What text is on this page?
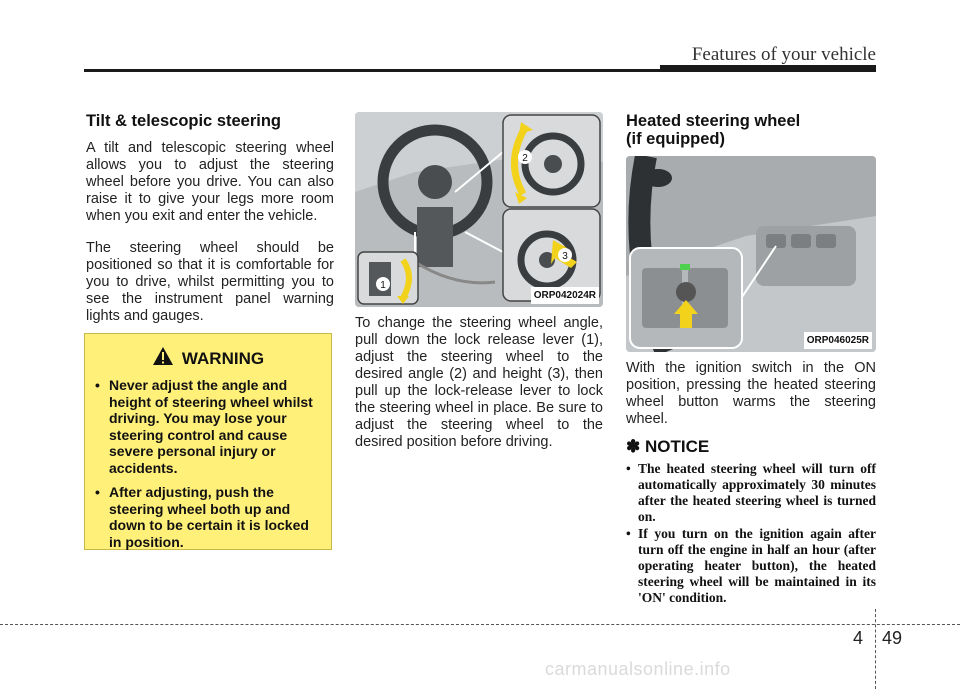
Features of your vehicle
Tilt & telescopic steering

A tilt and telescopic steering wheel allows you to adjust the steering wheel before you drive. You can also raise it to give your legs more room when you exit and enter the vehicle.

The steering wheel should be positioned so that it is comfortable for you to drive, whilst permitting you to see the instrument panel warning lights and gauges.

WARNING
• Never adjust the angle and height of steering wheel whilst driving. You may lose your steering control and cause severe personal injury or accidents.
• After adjusting, push the steering wheel both up and down to be certain it is locked in position.
2
3
1
ORP042024R

To change the steering wheel angle, pull down the lock release lever (1), adjust the steering wheel to the desired angle (2) and height (3), then pull up the lock-release lever to lock the steering wheel in place. Be sure to adjust the steering wheel to the desired position before driving.

Heated steering wheel
(if equipped)
ORP046025R

With the ignition switch in the ON position, pressing the heated steering wheel button warms the steering wheel.

✽ NOTICE
• The heated steering wheel will turn off automatically approximately 30 minutes after the heated steering wheel is turned on.
• If you turn on the ignition again after turn off the engine in half an hour (after operating heater button), the heated steering wheel will be maintained in its 'ON' condition.
4 49
carmanualsonline.info
